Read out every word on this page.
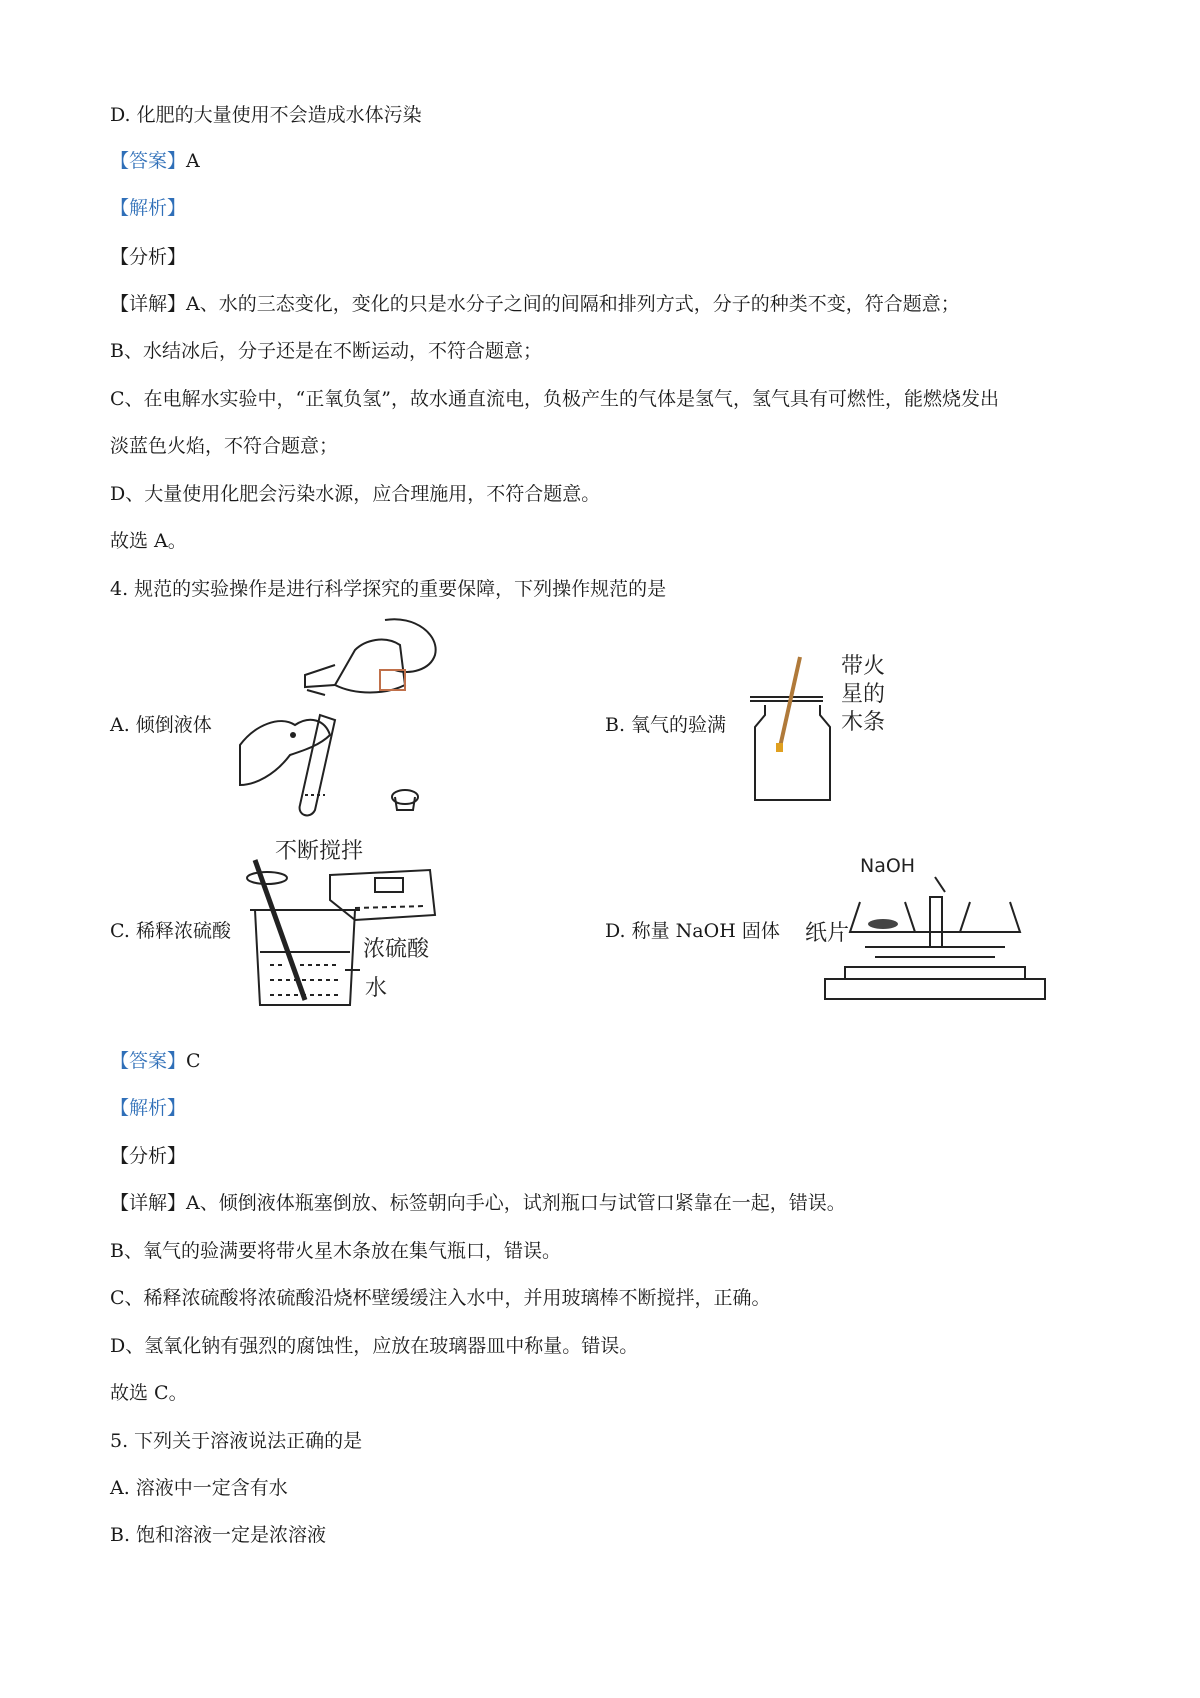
D. 化肥的大量使用不会造成水体污染
【答案】A
【解析】
【分析】
【详解】A、水的三态变化，变化的只是水分子之间的间隔和排列方式，分子的种类不变，符合题意；
B、水结冰后，分子还是在不断运动，不符合题意；
C、在电解水实验中，“正氧负氢”，故水通直流电，负极产生的气体是氢气，氢气具有可燃性，能燃烧发出
淡蓝色火焰，不符合题意；
D、大量使用化肥会污染水源，应合理施用，不符合题意。
故选 A。
4. 规范的实验操作是进行科学探究的重要保障，下列操作规范的是
A. 倾倒液体	B. 氧气的验满
C. 稀释浓硫酸	D. 称量 NaOH 固体
带火
星的
木条
不断搅拌
浓硫酸
水
NaOH
纸片
【答案】C
【解析】
【分析】
【详解】A、倾倒液体瓶塞倒放、标签朝向手心，试剂瓶口与试管口紧靠在一起，错误。
B、氧气的验满要将带火星木条放在集气瓶口，错误。
C、稀释浓硫酸将浓硫酸沿烧杯壁缓缓注入水中，并用玻璃棒不断搅拌，正确。
D、氢氧化钠有强烈的腐蚀性，应放在玻璃器皿中称量。错误。
故选 C。
5. 下列关于溶液说法正确的是
A. 溶液中一定含有水
B. 饱和溶液一定是浓溶液
